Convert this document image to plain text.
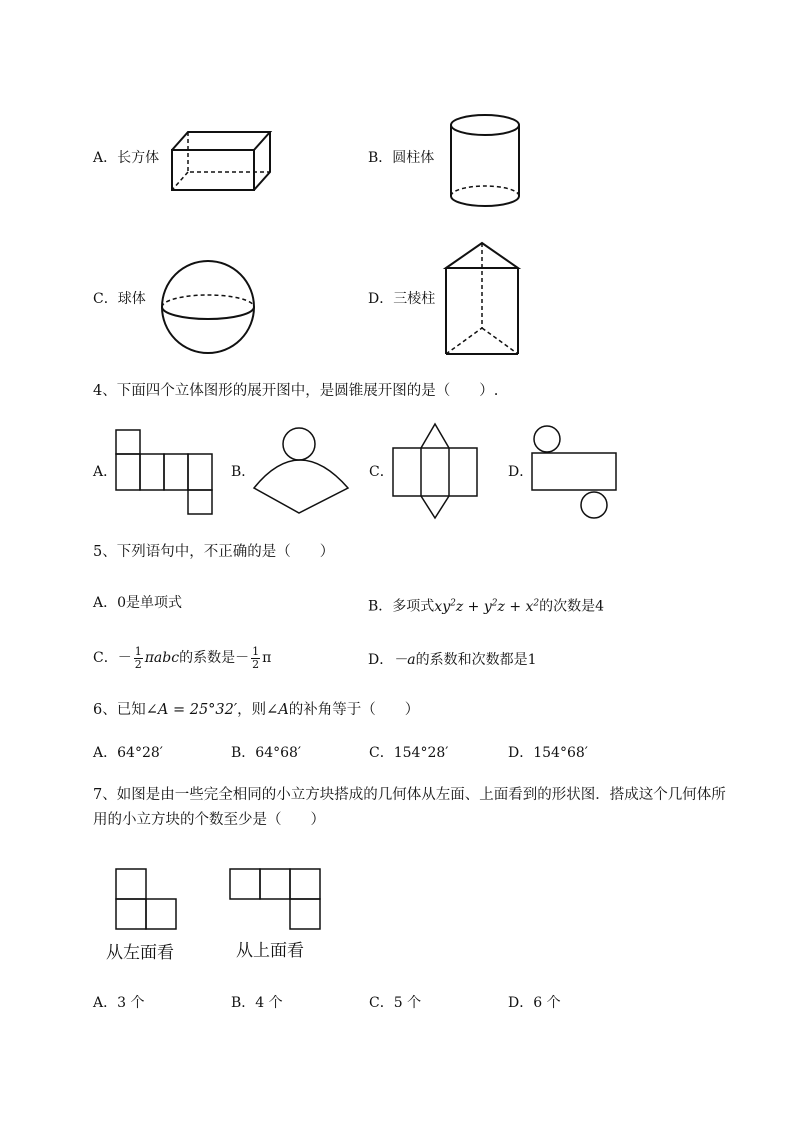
A．长方体	B．圆柱体
C．球体	D．三棱柱
4、下面四个立体图形的展开图中，是圆锥展开图的是（　　）.
A．	B．	C．	D．
5、下列语句中，不正确的是（　　）
A．0是单项式	B．多项式$xy^2z + y^2z + x^2$的次数是4
C．－ $\frac{1}{2}$ πabc的系数是－ $\frac{1}{2}$ π	D．－a的系数和次数都是1
6、已知∠A = 25°32′，则∠A的补角等于（　　）
A．64°28′	B．64°68′	C．154°28′	D．154°68′
7、如图是由一些完全相同的小立方块搭成的几何体从左面、上面看到的形状图．搭成这个几何体所
用的小立方块的个数至少是（　　）
从左面看	从上面看
A．3 个	B．4 个	C．5 个	D．6 个
